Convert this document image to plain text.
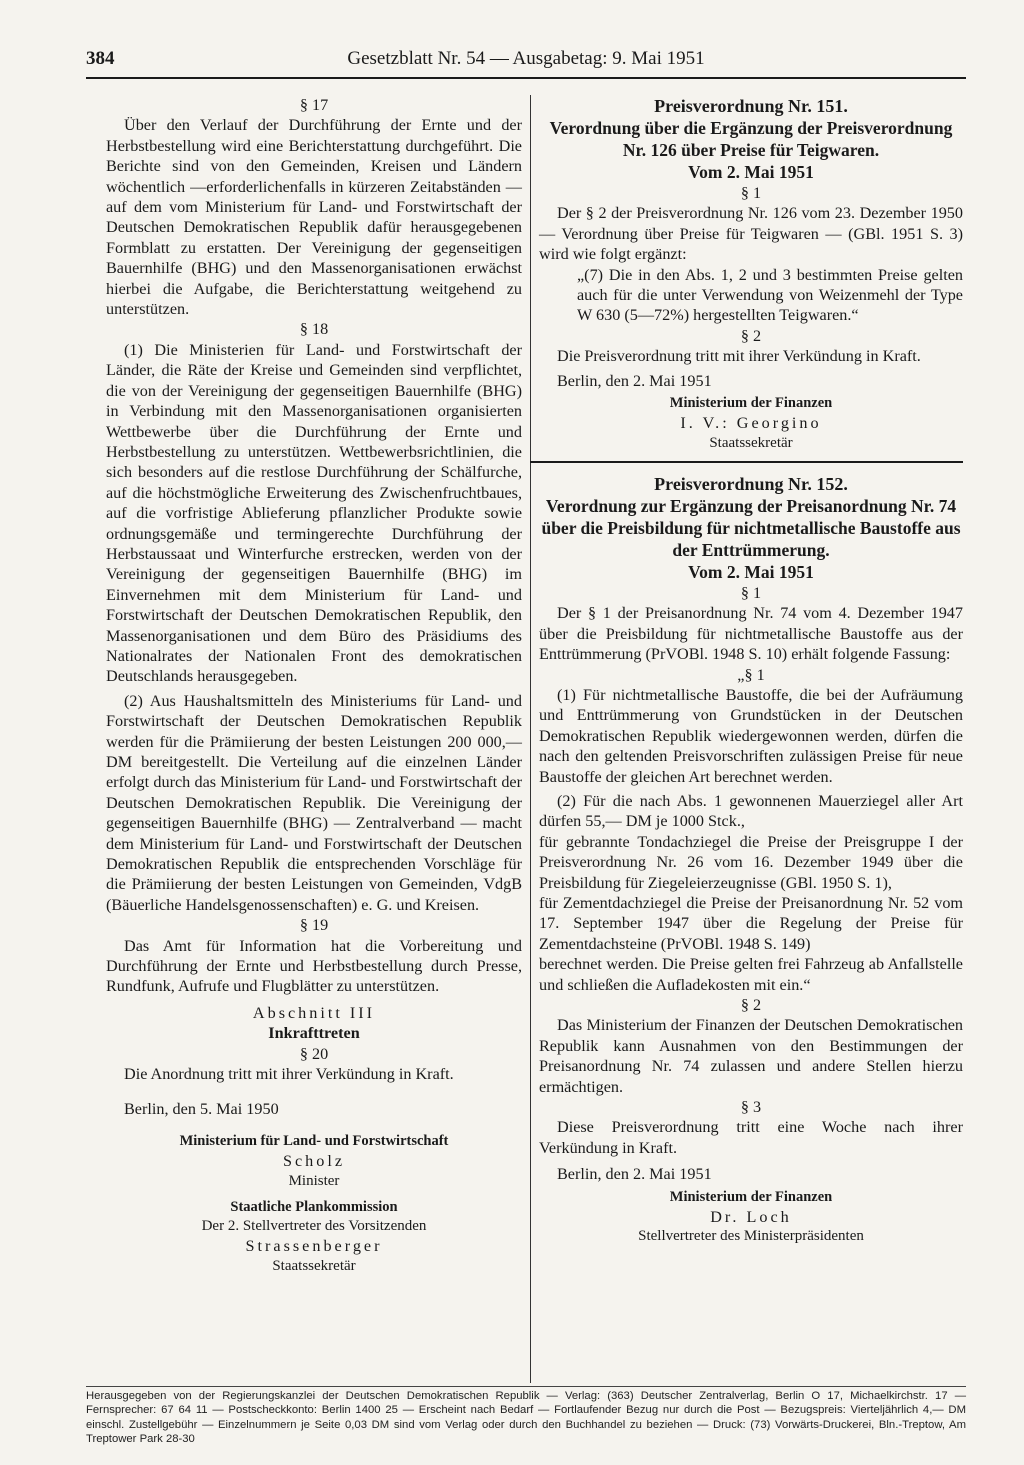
384	Gesetzblatt Nr. 54 — Ausgabetag: 9. Mai 1951

§ 17

Über den Verlauf der Durchführung der Ernte und der Herbstbestellung wird eine Berichterstattung durchgeführt. Die Berichte sind von den Gemeinden, Kreisen und Ländern wöchentlich —erforderlichenfalls in kürzeren Zeitabständen — auf dem vom Ministerium für Land- und Forstwirtschaft der Deutschen Demokratischen Republik dafür herausgegebenen Formblatt zu erstatten. Der Vereinigung der gegenseitigen Bauernhilfe (BHG) und den Massenorganisationen erwächst hierbei die Aufgabe, die Berichterstattung weitgehend zu unterstützen.

§ 18

(1) Die Ministerien für Land- und Forstwirtschaft der Länder, die Räte der Kreise und Gemeinden sind verpflichtet, die von der Vereinigung der gegenseitigen Bauernhilfe (BHG) in Verbindung mit den Massenorganisationen organisierten Wettbewerbe über die Durchführung der Ernte und Herbstbestellung zu unterstützen. Wettbewerbsrichtlinien, die sich besonders auf die restlose Durchführung der Schälfurche, auf die höchstmögliche Erweiterung des Zwischenfruchtbaues, auf die vorfristige Ablieferung pflanzlicher Produkte sowie ordnungsgemäße und termingerechte Durchführung der Herbstaussaat und Winterfurche erstrecken, werden von der Vereinigung der gegenseitigen Bauernhilfe (BHG) im Einvernehmen mit dem Ministerium für Land- und Forstwirtschaft der Deutschen Demokratischen Republik, den Massenorganisationen und dem Büro des Präsidiums des Nationalrates der Nationalen Front des demokratischen Deutschlands herausgegeben.

(2) Aus Haushaltsmitteln des Ministeriums für Land- und Forstwirtschaft der Deutschen Demokratischen Republik werden für die Prämiierung der besten Leistungen 200 000,— DM bereitgestellt. Die Verteilung auf die einzelnen Länder erfolgt durch das Ministerium für Land- und Forstwirtschaft der Deutschen Demokratischen Republik. Die Vereinigung der gegenseitigen Bauernhilfe (BHG) — Zentralverband — macht dem Ministerium für Land- und Forstwirtschaft der Deutschen Demokratischen Republik die entsprechenden Vorschläge für die Prämiierung der besten Leistungen von Gemeinden, VdgB (Bäuerliche Handelsgenossenschaften) e. G. und Kreisen.

§ 19

Das Amt für Information hat die Vorbereitung und Durchführung der Ernte und Herbstbestellung durch Presse, Rundfunk, Aufrufe und Flugblätter zu unterstützen.

Abschnitt III

Inkrafttreten

§ 20

Die Anordnung tritt mit ihrer Verkündung in Kraft.

Berlin, den 5. Mai 1950

Ministerium für Land- und Forstwirtschaft

Scholz

Minister

Staatliche Plankommission

Der 2. Stellvertreter des Vorsitzenden

Strassenberger

Staatssekretär

Preisverordnung Nr. 151.

Verordnung über die Ergänzung der Preisverordnung Nr. 126 über Preise für Teigwaren.

Vom 2. Mai 1951

§ 1

Der § 2 der Preisverordnung Nr. 126 vom 23. Dezember 1950 — Verordnung über Preise für Teigwaren — (GBl. 1951 S. 3) wird wie folgt ergänzt:

„(7) Die in den Abs. 1, 2 und 3 bestimmten Preise gelten auch für die unter Verwendung von Weizenmehl der Type W 630 (5—72%) hergestellten Teigwaren.“

§ 2

Die Preisverordnung tritt mit ihrer Verkündung in Kraft.

Berlin, den 2. Mai 1951

Ministerium der Finanzen

I. V.: Georgino

Staatssekretär

Preisverordnung Nr. 152.

Verordnung zur Ergänzung der Preisanordnung Nr. 74 über die Preisbildung für nichtmetallische Baustoffe aus der Enttrümmerung.

Vom 2. Mai 1951

§ 1

Der § 1 der Preisanordnung Nr. 74 vom 4. Dezember 1947 über die Preisbildung für nichtmetallische Baustoffe aus der Enttrümmerung (PrVOBl. 1948 S. 10) erhält folgende Fassung:

„§ 1

(1) Für nichtmetallische Baustoffe, die bei der Aufräumung und Enttrümmerung von Grundstücken in der Deutschen Demokratischen Republik wiedergewonnen werden, dürfen die nach den geltenden Preisvorschriften zulässigen Preise für neue Baustoffe der gleichen Art berechnet werden.

(2) Für die nach Abs. 1 gewonnenen Mauerziegel aller Art dürfen 55,— DM je 1000 Stck.,

für gebrannte Tondachziegel die Preise der Preisgruppe I der Preisverordnung Nr. 26 vom 16. Dezember 1949 über die Preisbildung für Ziegeleierzeugnisse (GBl. 1950 S. 1),

für Zementdachziegel die Preise der Preisanordnung Nr. 52 vom 17. September 1947 über die Regelung der Preise für Zementdachsteine (PrVOBl. 1948 S. 149)

berechnet werden. Die Preise gelten frei Fahrzeug ab Anfallstelle und schließen die Aufladekosten mit ein.“

§ 2

Das Ministerium der Finanzen der Deutschen Demokratischen Republik kann Ausnahmen von den Bestimmungen der Preisanordnung Nr. 74 zulassen und andere Stellen hierzu ermächtigen.

§ 3

Diese Preisverordnung tritt eine Woche nach ihrer Verkündung in Kraft.

Berlin, den 2. Mai 1951

Ministerium der Finanzen

Dr. Loch

Stellvertreter des Ministerpräsidenten

Herausgegeben von der Regierungskanzlei der Deutschen Demokratischen Republik — Verlag: (363) Deutscher Zentralverlag, Berlin O 17, Michaelkirchstr. 17 — Fernsprecher: 67 64 11 — Postscheckkonto: Berlin 1400 25 — Erscheint nach Bedarf — Fortlaufender Bezug nur durch die Post — Bezugspreis: Vierteljährlich 4,— DM einschl. Zustellgebühr — Einzelnummern je Seite 0,03 DM sind vom Verlag oder durch den Buchhandel zu beziehen — Druck: (73) Vorwärts-Druckerei, Bln.-Treptow, Am Treptower Park 28-30
